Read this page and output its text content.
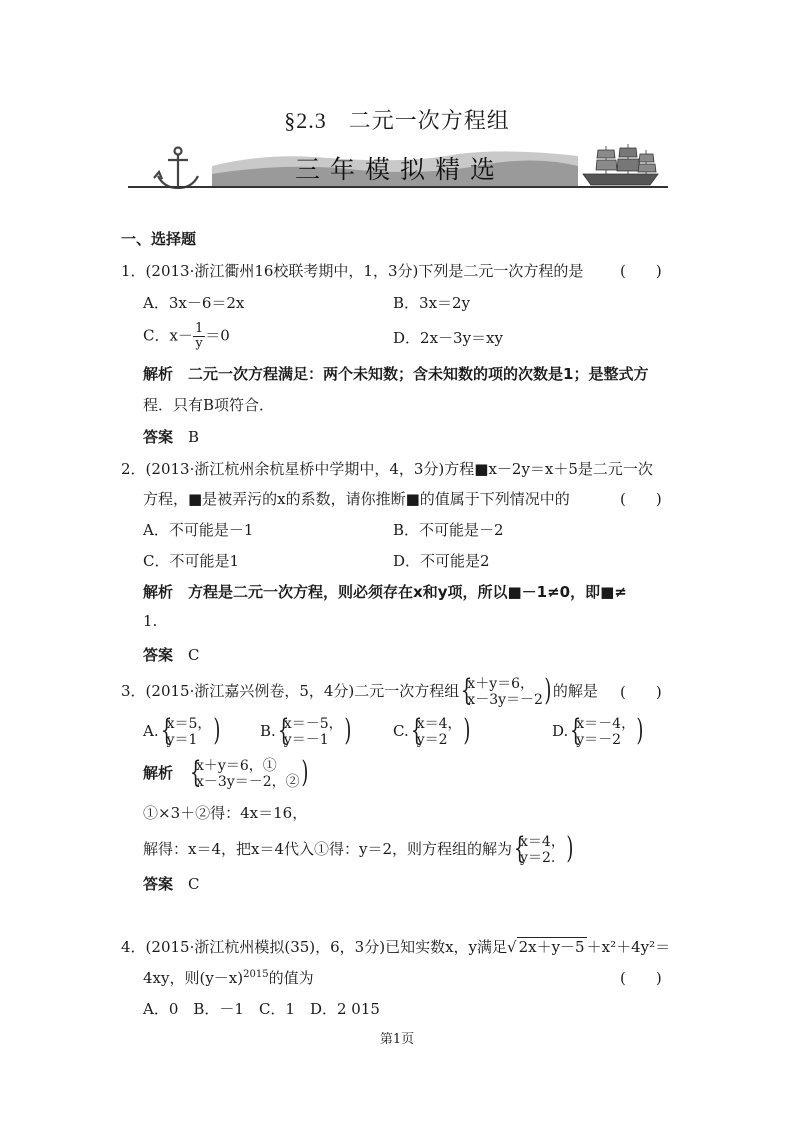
§2.3 二元一次方程组
三年模拟精选
一、选择题
1．(2013·浙江衢州16校联考期中，1，3分)下列是二元一次方程的是 (　　)
A．3x－6＝2x	B．3x＝2y
C．$x- \frac{1}{y} =0$	D．2x－3y＝xy
解析　 二元一次方程满足：两个未知数；含未知数的项的次数是1；是整式方
程．只有B项符合．
答案　 B
2．(2013·浙江杭州余杭星桥中学期中，4，3分)方程■x－2y＝x＋5是二元一次
方程，■是被弄污的x的系数，请你推断■的值属于下列情况中的	(　　)
A．不可能是－1	B．不可能是－2
C．不可能是1	D．不可能是2
解析　 方程是二元一次方程，则必须存在x和y项，所以■－1≠0，即■≠
1.
答案　 C
3．(2015·浙江嘉兴例卷，5，4分)二元一次方程组 { x＋y＝6，
x－3y＝－2
) 的解是 (　　)
A. { x＝5，
y＝1
)	B. { x＝－5，
y＝－1
)	C. { x＝4，
y＝2
)	D. { x＝－4，
y＝－2
)
解析　 { x＋y＝6，①
x－3y＝－2，②
)
①×3＋②得：4x＝16，
解得：x＝4，把x＝4代入①得：y＝2，则方程组的解为 { x＝4，
y＝2.
)
答案　 C
4．(2015·浙江杭州模拟(35)，6，3分)已知实数x，y满足√ 2x＋y－5 ＋x²＋4y²＝
4xy，则$(y-x)^{2015}$的值为	(　　)
A．0　B．－1　C．1　D．2 015
第1页
